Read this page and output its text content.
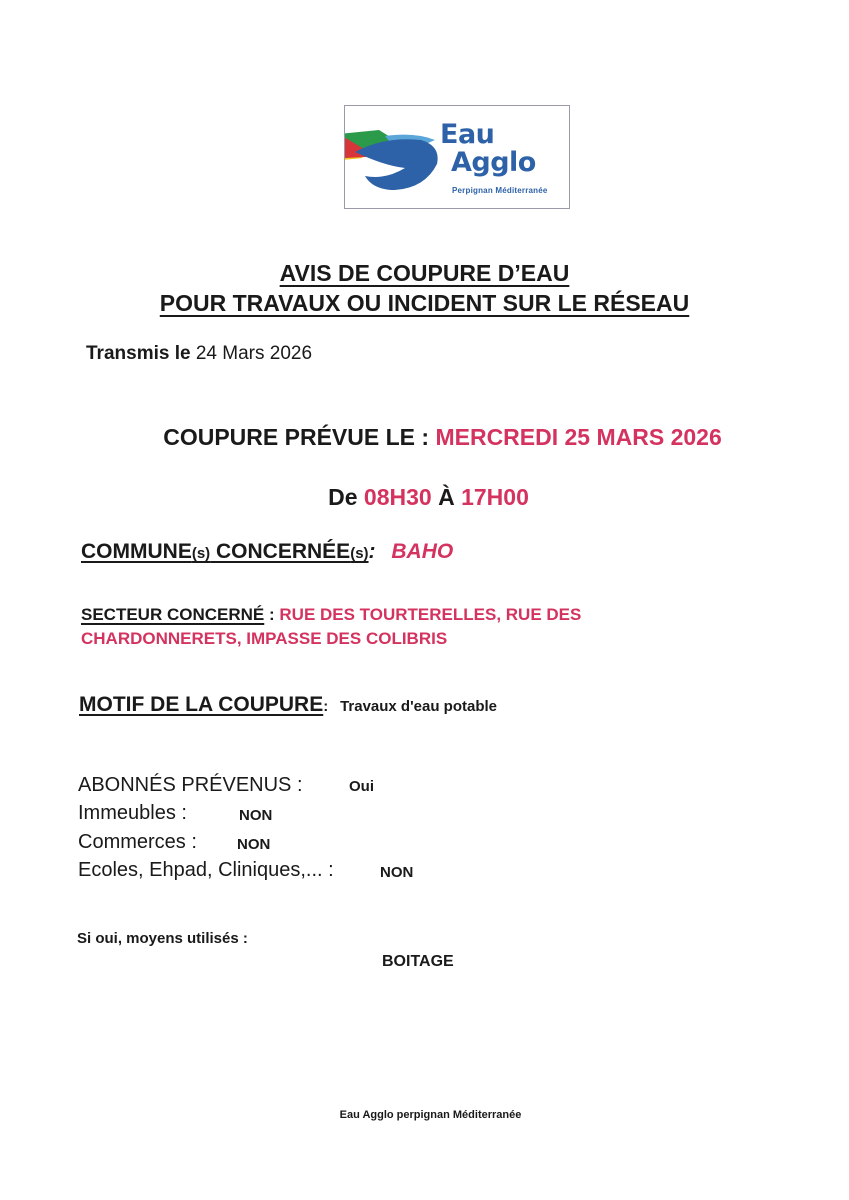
Eau
Agglo
Perpignan Méditerranée
AVIS DE COUPURE D’EAU
POUR TRAVAUX OU INCIDENT SUR LE RÉSEAU
Transmis le 24 Mars 2026
COUPURE PRÉVUE LE : MERCREDI 25 MARS 2026
De 08H30 À 17H00
COMMUNE(s) CONCERNÉE(s): BAHO
SECTEUR CONCERNÉ : RUE DES TOURTERELLES, RUE DES
CHARDONNERETS, IMPASSE DES COLIBRIS
MOTIF DE LA COUPURE: Travaux d'eau potable
ABONNÉS PRÉVENUS :	Oui
Immeubles :	NON
Commerces :	NON
Ecoles, Ehpad, Cliniques,... :	NON
Si oui, moyens utilisés :
BOITAGE
Eau Agglo perpignan Méditerranée
